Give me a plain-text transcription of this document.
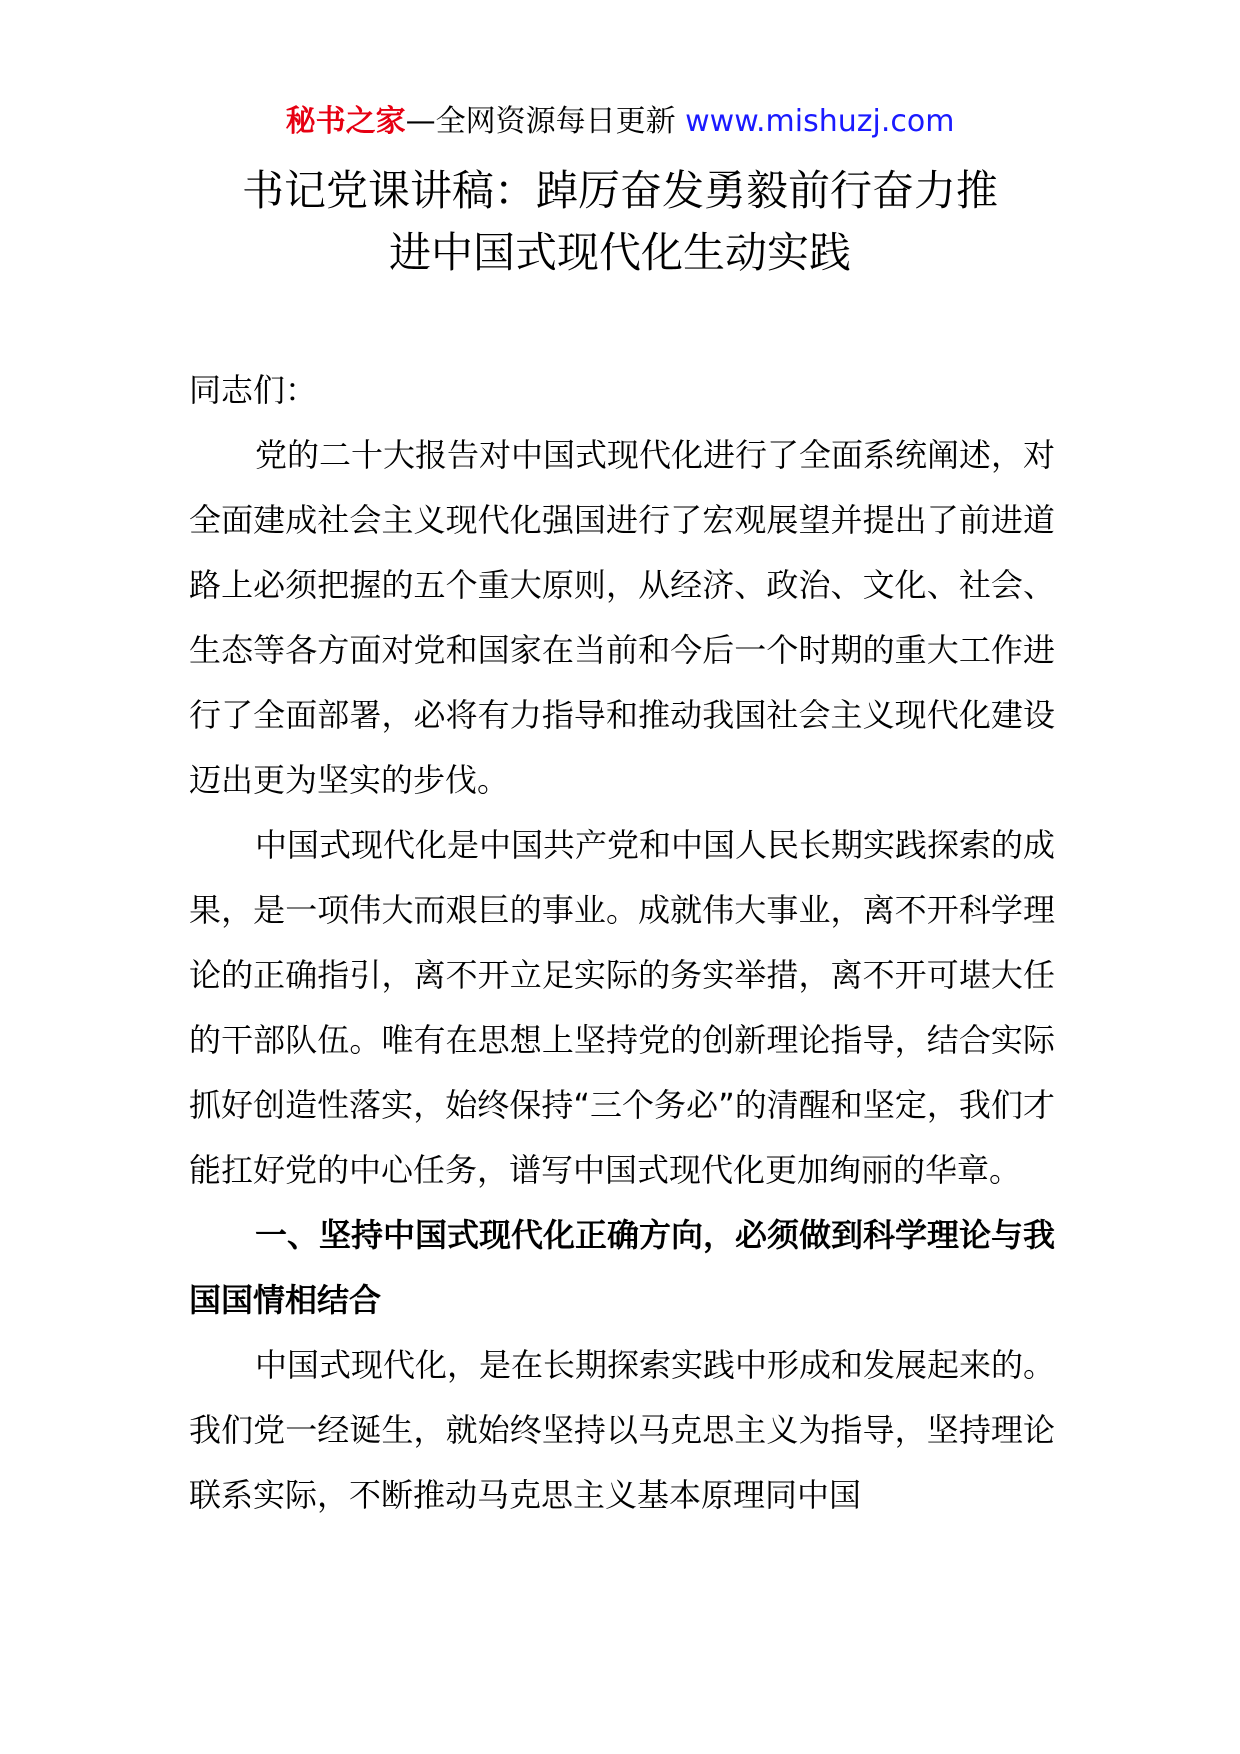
秘书之家—全网资源每日更新 www.mishuzj.com
书记党课讲稿：踔厉奋发勇毅前行奋力推
进中国式现代化生动实践

同志们：

党的二十大报告对中国式现代化进行了全面系统阐述，对全面建成社会主义现代化强国进行了宏观展望并提出了前进道路上必须把握的五个重大原则，从经济、政治、文化、社会、生态等各方面对党和国家在当前和今后一个时期的重大工作进行了全面部署，必将有力指导和推动我国社会主义现代化建设迈出更为坚实的步伐。

中国式现代化是中国共产党和中国人民长期实践探索的成果，是一项伟大而艰巨的事业。成就伟大事业，离不开科学理论的正确指引，离不开立足实际的务实举措，离不开可堪大任的干部队伍。唯有在思想上坚持党的创新理论指导，结合实际抓好创造性落实，始终保持“三个务必”的清醒和坚定，我们才能扛好党的中心任务，谱写中国式现代化更加绚丽的华章。

一、坚持中国式现代化正确方向，必须做到科学理论与我国国情相结合

中国式现代化，是在长期探索实践中形成和发展起来的。我们党一经诞生，就始终坚持以马克思主义为指导，坚持理论联系实际，不断推动马克思主义基本原理同中国
